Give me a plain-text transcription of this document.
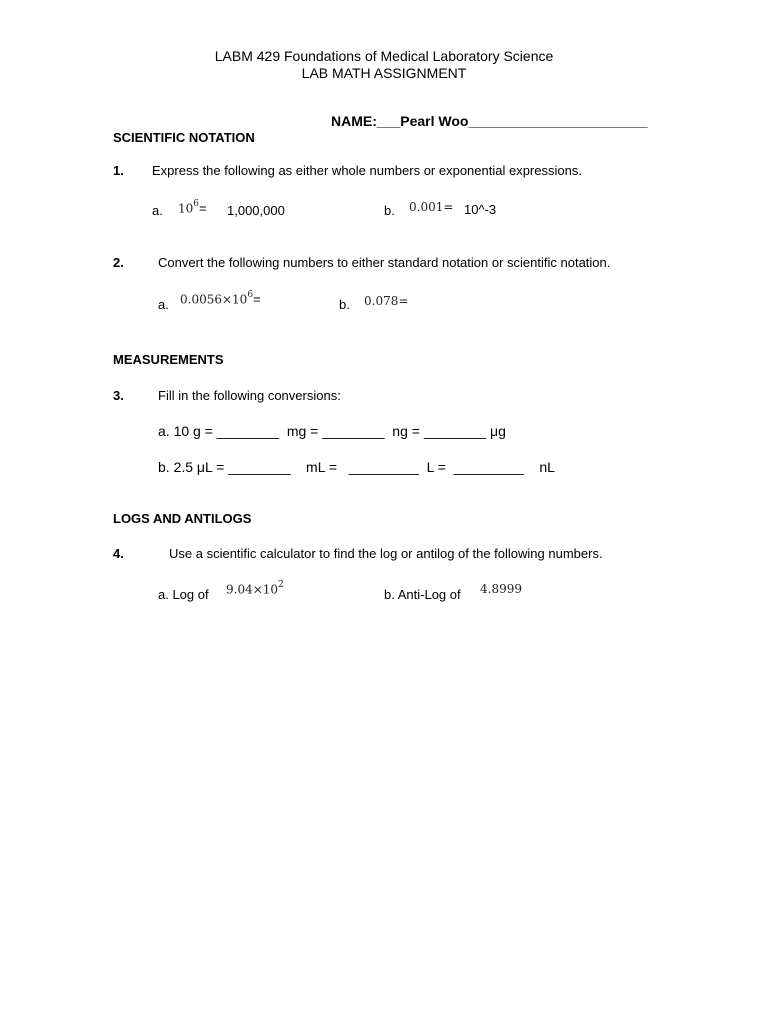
LABM 429 Foundations of Medical Laboratory Science
LAB MATH ASSIGNMENT
NAME:___Pearl Woo_______________________
SCIENTIFIC NOTATION
1. Express the following as either whole numbers or exponential expressions.
a. $10^6= 1,000,000$	b. 0.001= 10^-3
2.	Convert the following numbers to either standard notation or scientific notation.
a. $0.0056\times 10^6=$	b. 0.078=
MEASUREMENTS
3.	Fill in the following conversions:
a. 10 g = ________  mg = ________  ng = ________ μg
b. 2.5 μL = ________    mL =   _________  L =  _________    nL
LOGS AND ANTILOGS
4.	Use a scientific calculator to find the log or antilog of the following numbers.
a. Log of $9.04\times 10^2$
b. Anti-Log of 4.8999
